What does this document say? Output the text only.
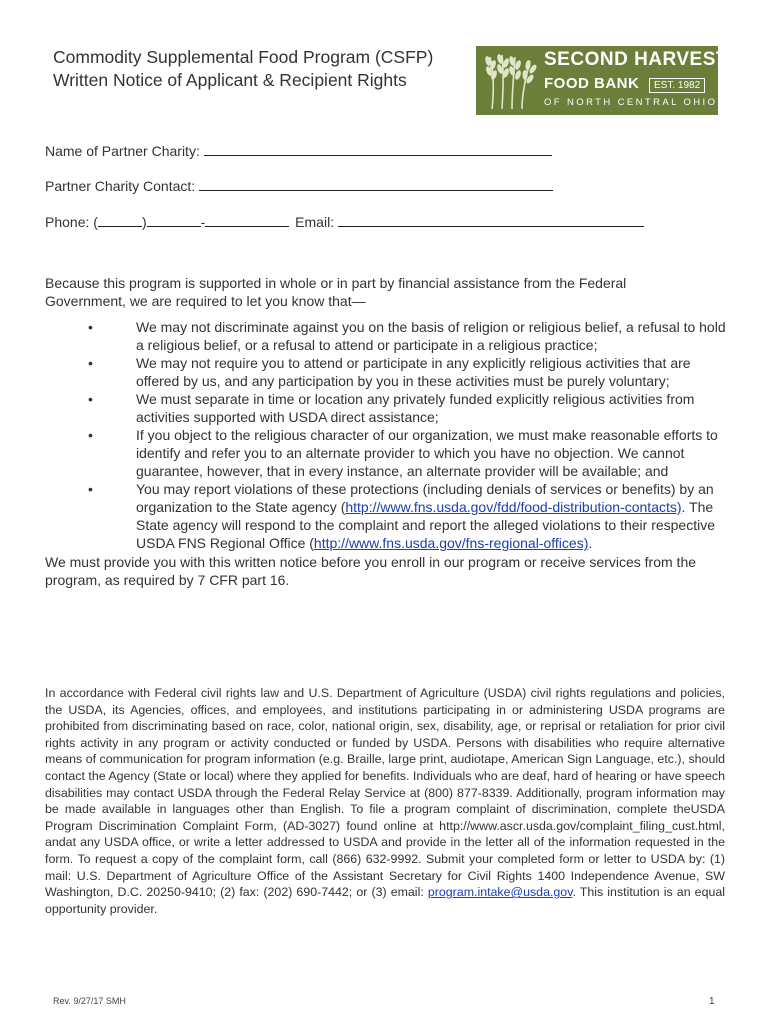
Commodity Supplemental Food Program (CSFP)
Written Notice of Applicant & Recipient Rights
SECOND HARVEST
FOOD BANK	EST. 1982
OF NORTH CENTRAL OHIO
Name of Partner Charity:
Partner Charity Contact:
Phone: (	)	-	Email:
Because this program is supported in whole or in part by financial assistance from the Federal Government, we are required to let you know that—
•	We may not discriminate against you on the basis of religion or religious belief, a refusal to hold a religious belief, or a refusal to attend or participate in a religious practice;
•	We may not require you to attend or participate in any explicitly religious activities that are offered by us, and any participation by you in these activities must be purely voluntary;
•	We must separate in time or location any privately funded explicitly religious activities from activities supported with USDA direct assistance;
•	If you object to the religious character of our organization, we must make reasonable efforts to identify and refer you to an alternate provider to which you have no objection. We cannot guarantee, however, that in every instance, an alternate provider will be available; and
•	You may report violations of these protections (including denials of services or benefits) by an organization to the State agency (http://www.fns.usda.gov/fdd/food-distribution-contacts). The State agency will respond to the complaint and report the alleged violations to their respective USDA FNS Regional Office (http://www.fns.usda.gov/fns-regional-offices).
We must provide you with this written notice before you enroll in our program or receive services from the program, as required by 7 CFR part 16.
In accordance with Federal civil rights law and U.S. Department of Agriculture (USDA) civil rights regulations and policies, the USDA, its Agencies, offices, and employees, and institutions participating in or administering USDA programs are prohibited from discriminating based on race, color, national origin, sex, disability, age, or reprisal or retaliation for prior civil rights activity in any program or activity conducted or funded by USDA. Persons with disabilities who require alternative means of communication for program information (e.g. Braille, large print, audiotape, American Sign Language, etc.), should contact the Agency (State or local) where they applied for benefits. Individuals who are deaf, hard of hearing or have speech disabilities may contact USDA through the Federal Relay Service at (800) 877-8339. Additionally, program information may be made available in languages other than English. To file a program complaint of discrimination, complete theUSDA Program Discrimination Complaint Form, (AD-3027) found online at http://www.ascr.usda.gov/complaint_filing_cust.html, andat any USDA office, or write a letter addressed to USDA and provide in the letter all of the information requested in the form. To request a copy of the complaint form, call (866) 632-9992. Submit your completed form or letter to USDA by: (1) mail: U.S. Department of Agriculture Office of the Assistant Secretary for Civil Rights 1400 Independence Avenue, SW Washington, D.C. 20250-9410; (2) fax: (202) 690-7442; or (3) email: program.intake@usda.gov. This institution is an equal opportunity provider.
Rev. 9/27/17 SMH	1
